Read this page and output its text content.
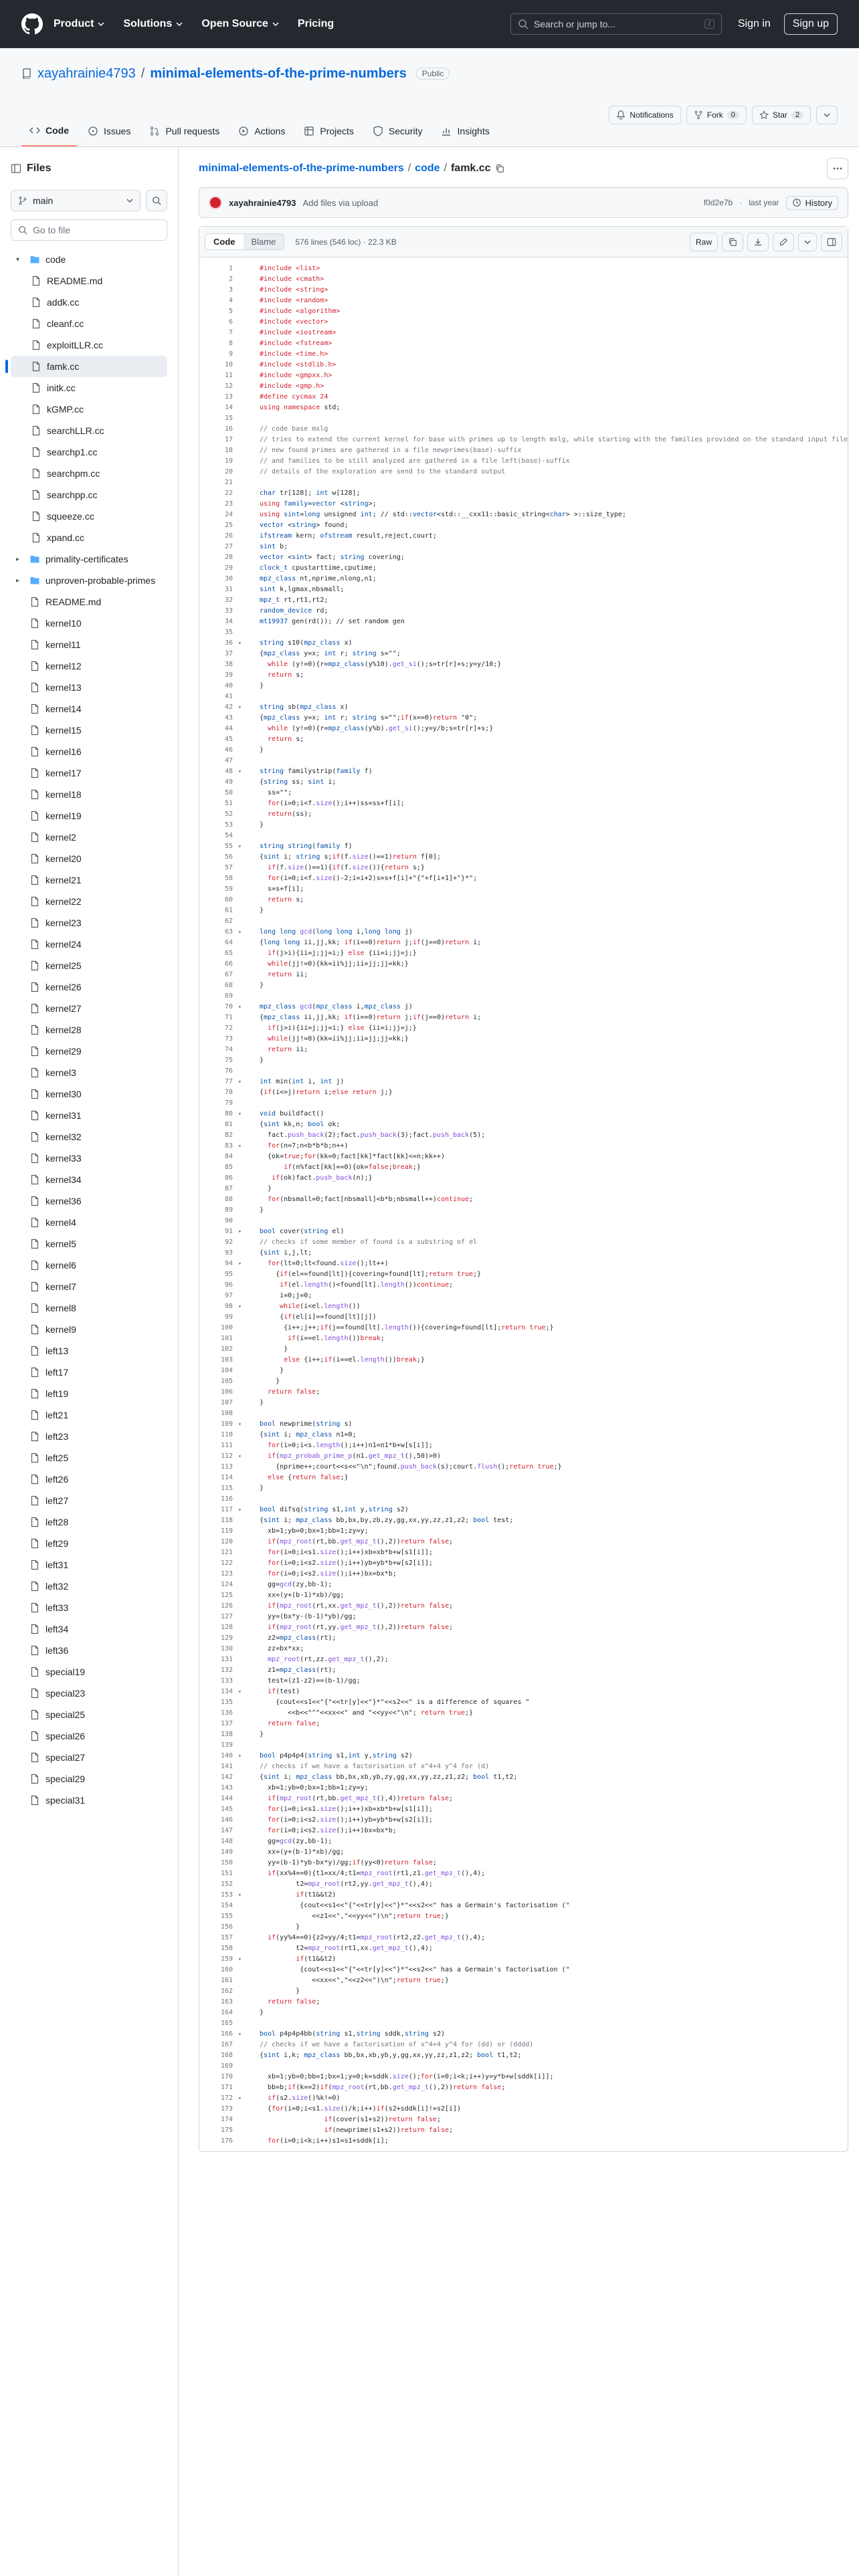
Product	Solutions	Open Source	Pricing	Search or jump to...	/	Sign in	Sign up
xayahrainie4793 / minimal-elements-of-the-prime-numbers	Public
Notifications	Fork	0	Star	2
Code	Issues	Pull requests	Actions	Projects	Security	Insights
Files
main
Go to file
▾	code
README.md
addk.cc
cleanf.cc
exploitLLR.cc
famk.cc
initk.cc
kGMP.cc
searchLLR.cc
searchp1.cc
searchpm.cc
searchpp.cc
squeeze.cc
xpand.cc
▸	primality-certificates
▸	unproven-probable-primes
README.md
kernel10
kernel11
kernel12
kernel13
kernel14
kernel15
kernel16
kernel17
kernel18
kernel19
kernel2
kernel20
kernel21
kernel22
kernel23
kernel24
kernel25
kernel26
kernel27
kernel28
kernel29
kernel3
kernel30
kernel31
kernel32
kernel33
kernel34
kernel36
kernel4
kernel5
kernel6
kernel7
kernel8
kernel9
left13
left17
left19
left21
left23
left25
left26
left27
left28
left29
left31
left32
left33
left34
left36
special19
special23
special25
special26
special27
special29
special31
minimal-elements-of-the-prime-numbers / code / famk.cc
xayahrainie4793 Add files via upload	f0d2e7b · last year	History
Code	Blame	576 lines (546 loc) · 22.3 KB	Raw
1	#include <list>
2	#include <cmath>
3	#include <string>
4	#include <random>
5	#include <algorithm>
6	#include <vector>
7	#include <iostream>
8	#include <fstream>
9	#include <time.h>
10	#include <stdlib.h>
11	#include <gmpxx.h>
12	#include <gmp.h>
13	#define cycmax 24
14	using namespace std;
15
16	// code base mxlg
17	// tries to extend the current kernel for base with primes up to length mxlg, while starting with the families provided on the standard input file
18	// new found primes are gathered in a file newprimes(base)-suffix
19	// and families to be still analyzed are gathered in a file left(base)-suffix
20	// details of the exploration are send to the standard output
21
22	char tr[128]; int w[128];
23	using family=vector <string>;
24	using sint=long unsigned int; // std::vector<std::__cxx11::basic_string<char> >::size_type;
25	vector <string> found;
26	ifstream kern; ofstream result,reject,court;
27	sint b;
28	vector <sint> fact; string covering;
29	clock_t cpustarttime,cputime;
30	mpz_class nt,nprime,nlong,n1;
31	sint k,lgmax,nbsmall;
32	mpz_t rt,rt1,rt2;
33	random_device rd;
34	mt19937 gen(rd()); // set random gen
35
36	▾	string s10(mpz_class x)
37	{mpz_class y=x; int r; string s="";
38	while (y!=0){r=mpz_class(y%10).get_si();s=tr[r]+s;y=y/10;}
39	return s;
40	}
41
42	▾	string sb(mpz_class x)
43	{mpz_class y=x; int r; string s="";if(x==0)return "0";
44	while (y!=0){r=mpz_class(y%b).get_si();y=y/b;s=tr[r]+s;}
45	return s;
46	}
47
48	▾	string familystrip(family f)
49	{string ss; sint i;
50	ss="";
51	for(i=0;i<f.size();i++)ss=ss+f[i];
52	return(ss);
53	}
54
55	▾	string string(family f)
56	{sint i; string s;if(f.size()==1)return f[0];
57	if(f.size()==1){if(f.size()){return s;}
58	for(i=0;i<f.size()-2;i=i+2)s=s+f[i]+"{"+f[i+1]+"}*";
59	s=s+f[i];
60	return s;
61	}
62
63	▾	long long gcd(long long i,long long j)
64	{long long ii,jj,kk; if(i==0)return j;if(j==0)return i;
65	if(j>i){ii=j;jj=i;} else {ii=i;jj=j;}
66	while(jj!=0){kk=ii%jj;ii=jj;jj=kk;}
67	return ii;
68	}
69
70	▾	mpz_class gcd(mpz_class i,mpz_class j)
71	{mpz_class ii,jj,kk; if(i==0)return j;if(j==0)return i;
72	if(j>i){ii=j;jj=i;} else {ii=i;jj=j;}
73	while(jj!=0){kk=ii%jj;ii=jj;jj=kk;}
74	return ii;
75	}
76
77	▾	int min(int i, int j)
78	{if(i<=j)return i;else return j;}
79
80	▾	void buildfact()
81	{sint kk,n; bool ok;
82	fact.push_back(2);fact.push_back(3);fact.push_back(5);
83	▾	for(n=7;n<b*b*b;n++)
84	{ok=true;for(kk=0;fact[kk]*fact[kk]<=n;kk++)
85	if(n%fact[kk]==0){ok=false;break;}
86	if(ok)fact.push_back(n);}
87	}
88	for(nbsmall=0;fact[nbsmall]<b*b;nbsmall++)continue;
89	}
90
91	▾	bool cover(string el)
92	// checks if some member of found is a substring of el
93	{sint i,j,lt;
94	▾	for(lt=0;lt<found.size();lt++)
95	{if(el==found[lt]){covering=found[lt];return true;}
96	if(el.length()<found[lt].length())continue;
97	i=0;j=0;
98	▾	while(i<el.length())
99	{if(el[i]==found[lt][j])
100	{i++;j++;if(j==found[lt].length()){covering=found[lt];return true;}
101	if(i==el.length())break;
102	}
103	else {i++;if(i==el.length())break;}
104	}
105	}
106	return false;
107	}
108
109	▾	bool newprime(string s)
110	{sint i; mpz_class n1=0;
111	for(i=0;i<s.length();i++)n1=n1*b+w[s[i]];
112	▾	if(mpz_probab_prime_p(n1.get_mpz_t(),50)>0)
113	{nprime++;court<<s<<"\n";found.push_back(s);court.flush();return true;}
114	else {return false;}
115	}
116
117	▾	bool difsq(string s1,int y,string s2)
118	{sint i; mpz_class bb,bx,by,zb,zy,gg,xx,yy,zz,z1,z2; bool test;
119	xb=1;yb=0;bx=1;bb=1;zy=y;
120	if(mpz_root(rt,bb.get_mpz_t(),2))return false;
121	for(i=0;i<s1.size();i++)xb=xb*b+w[s1[i]];
122	for(i=0;i<s2.size();i++)yb=yb*b+w[s2[i]];
123	for(i=0;i<s2.size();i++)bx=bx*b;
124	gg=gcd(zy,bb-1);
125	xx=(y+(b-1)*xb)/gg;
126	if(mpz_root(rt,xx.get_mpz_t(),2))return false;
127	yy=(bx*y-(b-1)*yb)/gg;
128	if(mpz_root(rt,yy.get_mpz_t(),2))return false;
129	z2=mpz_class(rt);
130	zz=bx*xx;
131	mpz_root(rt,zz.get_mpz_t(),2);
132	z1=mpz_class(rt);
133	test=(z1-z2)==(b-1)/gg;
134	▾	if(test)
135	{cout<<s1<<"{"<<tr[y]<<"}*"<<s2<<" is a difference of squares "
136	<<b<<"^"<<xx<<" and "<<yy<<"\n"; return true;}
137	return false;
138	}
139
140	▾	bool p4p4p4(string s1,int y,string s2)
141	// checks if we have a factorisation of x^4+4 y^4 for (d)
142	{sint i; mpz_class bb,bx,xb,yb,zy,gg,xx,yy,zz,z1,z2; bool t1,t2;
143	xb=1;yb=0;bx=1;bb=1;zy=y;
144	if(mpz_root(rt,bb.get_mpz_t(),4))return false;
145	for(i=0;i<s1.size();i++)xb=xb*b+w[s1[i]];
146	for(i=0;i<s2.size();i++)yb=yb*b+w[s2[i]];
147	for(i=0;i<s2.size();i++)bx=bx*b;
148	gg=gcd(zy,bb-1);
149	xx=(y+(b-1)*xb)/gg;
150	yy=(b-1)*yb-bx*y)/gg;if(yy<0)return false;
151	if(xx%4==0){t1=xx/4;t1=mpz_root(rt1,z1.get_mpz_t(),4);
152	t2=mpz_root(rt2,yy.get_mpz_t(),4);
153	▾	if(t1&&t2)
154	{cout<<s1<<"{"<<tr[y]<<"}*"<<s2<<" has a Germain's factorisation ("
155	<<z1<<","<<yy<<")\n";return true;}
156	}
157	if(yy%4==0){z2=yy/4;t1=mpz_root(rt2,z2.get_mpz_t(),4);
158	t2=mpz_root(rt1,xx.get_mpz_t(),4);
159	▾	if(t1&&t2)
160	{cout<<s1<<"{"<<tr[y]<<"}*"<<s2<<" has a Germain's factorisation ("
161	<<xx<<","<<z2<<")\n";return true;}
162	}
163	return false;
164	}
165
166	▾	bool p4p4p4bb(string s1,string sddk,string s2)
167	// checks if we have a factorisation of x^4+4 y^4 for (dd) or (dddd)
168	{sint i,k; mpz_class bb,bx,xb,yb,y,gg,xx,yy,zz,z1,z2; bool t1,t2;
169
170	xb=1;yb=0;bb=1;bx=1;y=0;k=sddk.size();for(i=0;i<k;i++)y=y*b+w[sddk[i]];
171	bb=b;if(k==2)if(mpz_root(rt,bb.get_mpz_t(),2))return false;
172	▾	if(s2.size()%k!=0)
173	{for(i=0;i<s1.size()/k;i++)if(s2+sddk[i]!=s2[i])
174	if(cover(s1+s2))return false;
175	if(newprime(s1+s2))return false;
176	for(i=0;i<k;i++)s1=s1+sddk[i];
